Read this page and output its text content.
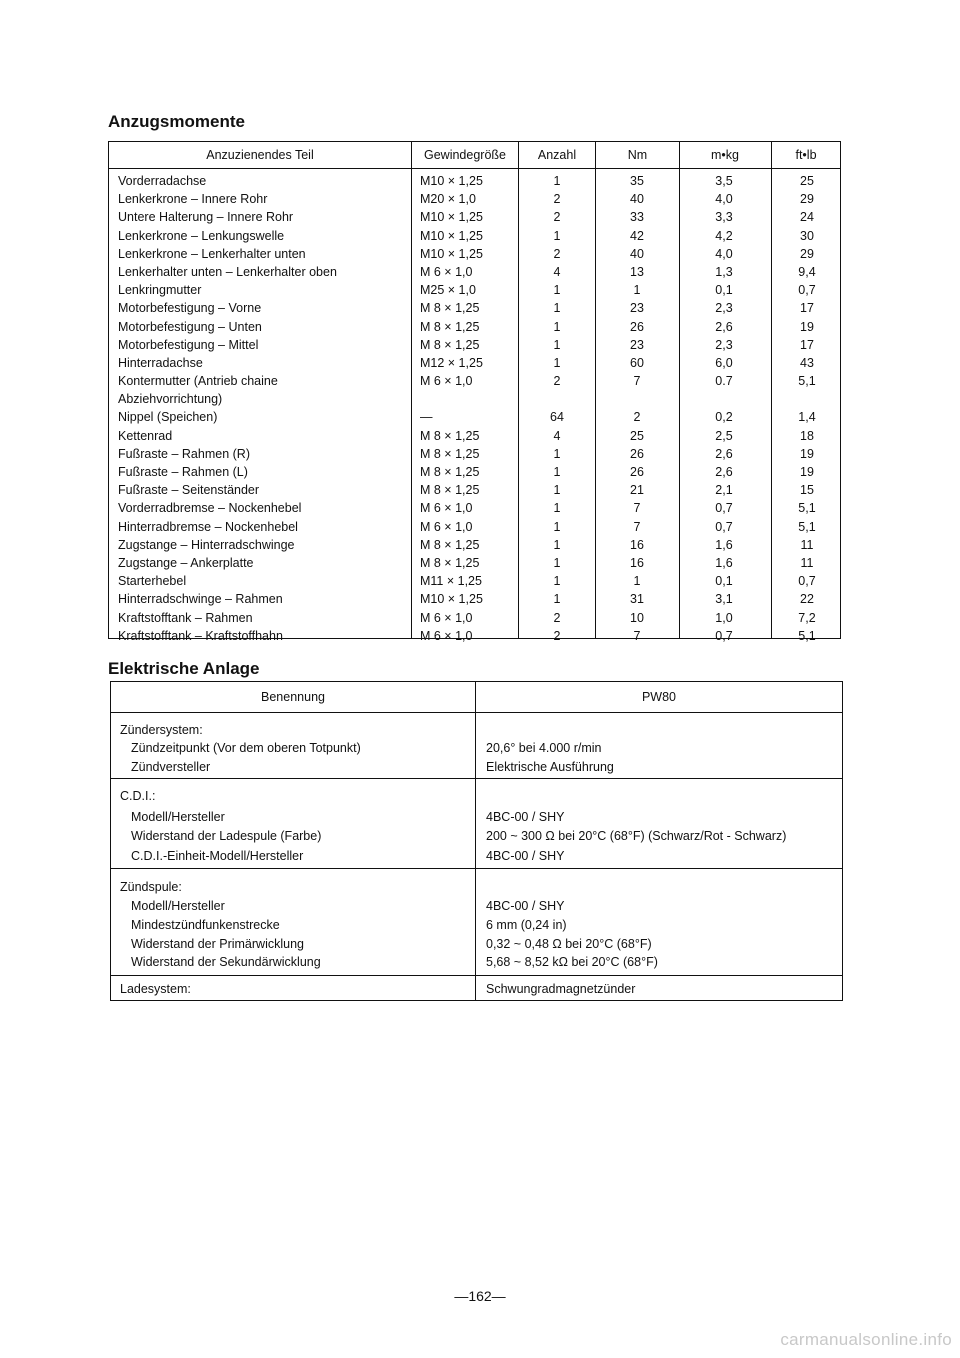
Anzugsmomente
Anzuzienendes Teil	Gewindegröße	Anzahl	Nm	m•kg	ft•lb
Vorderradachse	M10 × 1,25	1	35	3,5	25
Lenkerkrone – Innere Rohr	M20 × 1,0	2	40	4,0	29
Untere Halterung – Innere Rohr	M10 × 1,25	2	33	3,3	24
Lenkerkrone – Lenkungswelle	M10 × 1,25	1	42	4,2	30
Lenkerkrone – Lenkerhalter unten	M10 × 1,25	2	40	4,0	29
Lenkerhalter unten – Lenkerhalter oben	M 6 × 1,0	4	13	1,3	9,4
Lenkringmutter	M25 × 1,0	1	1	0,1	0,7
Motorbefestigung – Vorne	M 8 × 1,25	1	23	2,3	17
Motorbefestigung – Unten	M 8 × 1,25	1	26	2,6	19
Motorbefestigung – Mittel	M 8 × 1,25	1	23	2,3	17
Hinterradachse	M12 × 1,25	1	60	6,0	43
Kontermutter (Antrieb chaine	M 6 × 1,0	2	7	0.7	5,1
Abziehvorrichtung)
Nippel (Speichen)	—	64	2	0,2	1,4
Kettenrad	M 8 × 1,25	4	25	2,5	18
Fußraste – Rahmen (R)	M 8 × 1,25	1	26	2,6	19
Fußraste – Rahmen (L)	M 8 × 1,25	1	26	2,6	19
Fußraste – Seitenständer	M 8 × 1,25	1	21	2,1	15
Vorderradbremse – Nockenhebel	M 6 × 1,0	1	7	0,7	5,1
Hinterradbremse – Nockenhebel	M 6 × 1,0	1	7	0,7	5,1
Zugstange – Hinterradschwinge	M 8 × 1,25	1	16	1,6	11
Zugstange – Ankerplatte	M 8 × 1,25	1	16	1,6	11
Starterhebel	M11 × 1,25	1	1	0,1	0,7
Hinterradschwinge – Rahmen	M10 × 1,25	1	31	3,1	22
Kraftstofftank – Rahmen	M 6 × 1,0	2	10	1,0	7,2
Kraftstofftank – Kraftstoffhahn	M 6 × 1,0	2	7	0,7	5,1
Elektrische Anlage
Benennung	PW80
Zündersystem:
Zündzeitpunkt (Vor dem oberen Totpunkt)	20,6° bei 4.000 r/min
Zündversteller	Elektrische Ausführung
C.D.I.:
Modell/Hersteller	4BC-00 / SHY
Widerstand der Ladespule (Farbe)	200 ~ 300 Ω bei 20°C (68°F) (Schwarz/Rot - Schwarz)
C.D.I.-Einheit-Modell/Hersteller	4BC-00 / SHY
Zündspule:
Modell/Hersteller	4BC-00 / SHY
Mindestzündfunkenstrecke	6 mm (0,24 in)
Widerstand der Primärwicklung	0,32 ~ 0,48 Ω bei 20°C (68°F)
Widerstand der Sekundärwicklung	5,68 ~ 8,52 kΩ bei 20°C (68°F)
Ladesystem:	Schwungradmagnetzünder
—162—
carmanualsonline.info
